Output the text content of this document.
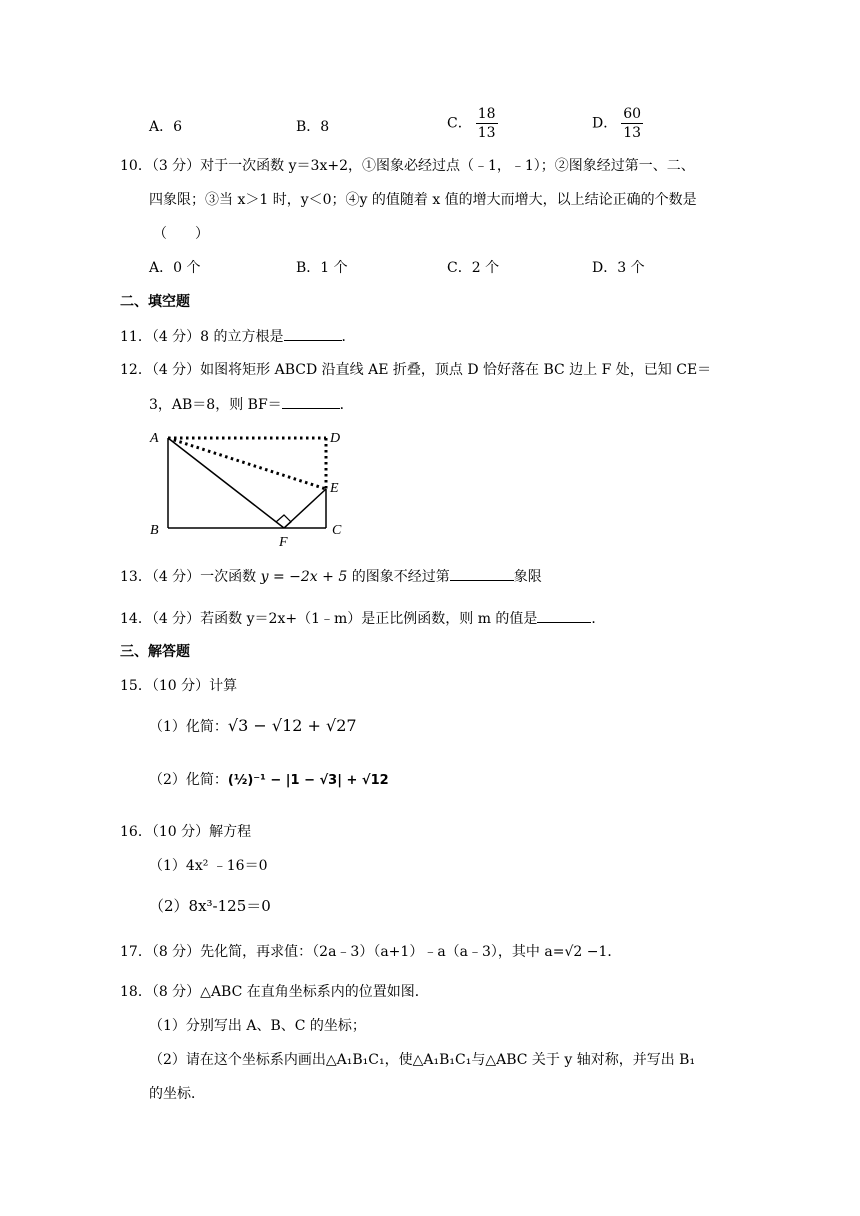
A．6	B．8	C． $\frac{18}{13}$	D． $\frac{60}{13}$
10．（3 分）对于一次函数 y＝3x+2，①图象必经过点（﹣1，﹣1）；②图象经过第一、二、
四象限；③当 x＞1 时，y＜0；④y 的值随着 x 值的增大而增大，以上结论正确的个数是
（　　）
A．0 个	B．1 个	C．2 个	D．3 个
二、填空题
11．（4 分）8 的立方根是	．
12．（4 分）如图将矩形 ABCD 沿直线 AE 折叠，顶点 D 恰好落在 BC 边上 F 处，已知 CE＝
3，AB＝8，则 BF＝	．
A	D
E
B	C
F
13．（4 分）一次函数 y = −2x + 5 的图象不经过第	象限
14．（4 分）若函数 y＝2x+（1﹣m）是正比例函数，则 m 的值是	．
三、解答题
15．（10 分）计算
（1）化简：√3 − √12 + √27
（2）化简：(½)⁻¹ − |1 − √3| + √12
16．（10 分）解方程
（1）4x² ﹣16＝0
（2）8x³-125＝0
17．（8 分）先化简，再求值：（2a﹣3）（a+1）﹣a（a﹣3），其中 a=√2 −1．
18．（8 分）△ABC 在直角坐标系内的位置如图．
（1）分别写出 A、B、C 的坐标；
（2）请在这个坐标系内画出△A₁B₁C₁，使△A₁B₁C₁与△ABC 关于 y 轴对称，并写出 B₁
的坐标．
